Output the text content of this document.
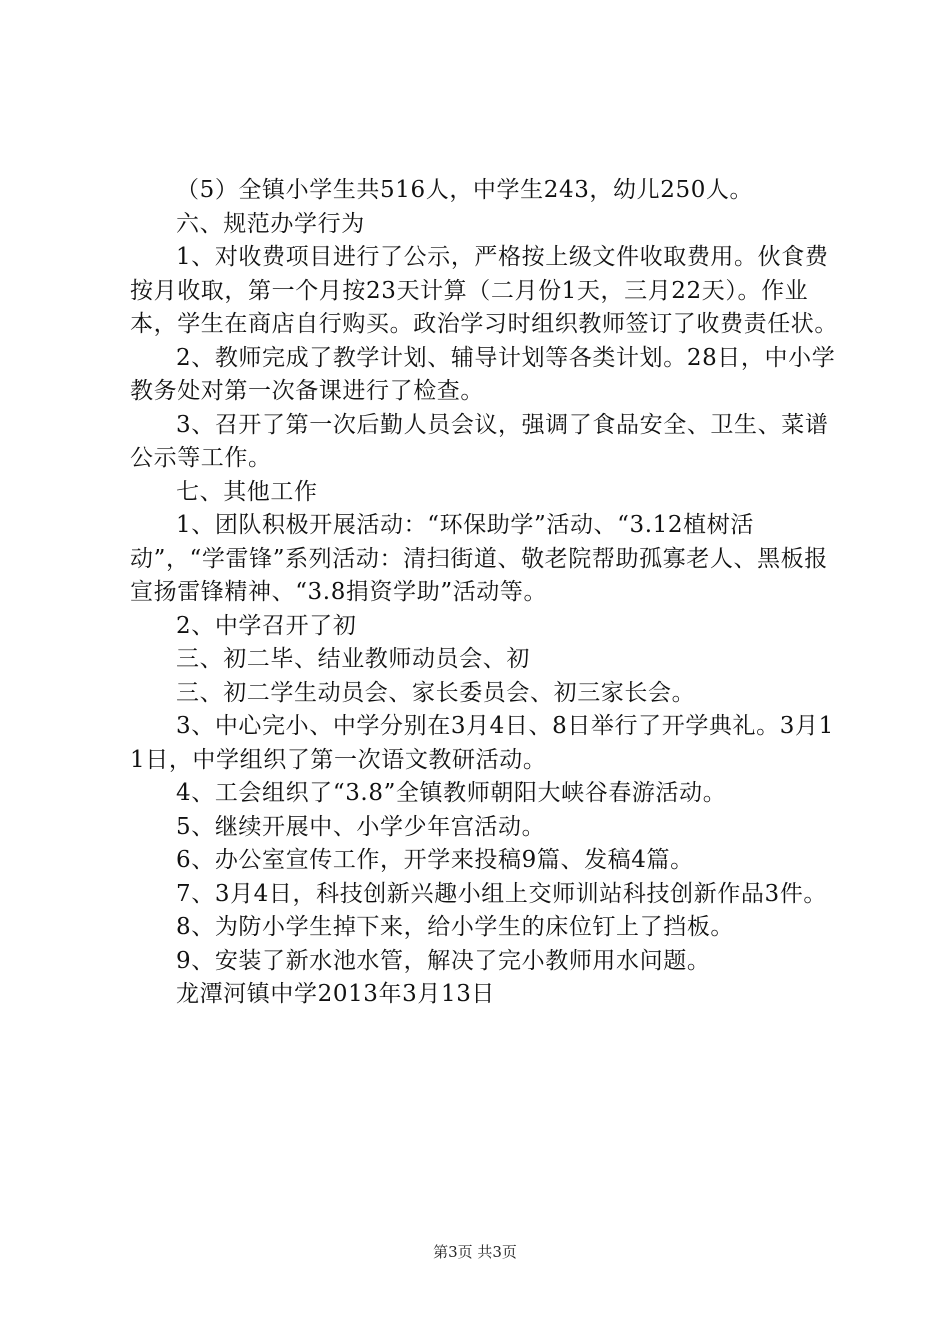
（5）全镇小学生共516人，中学生243，幼儿250人。

六、规范办学行为

1、对收费项目进行了公示，严格按上级文件收取费用。伙食费按月收取，第一个月按23天计算（二月份1天，三月22天）。作业本，学生在商店自行购买。政治学习时组织教师签订了收费责任状。

2、教师完成了教学计划、辅导计划等各类计划。28日，中小学教务处对第一次备课进行了检查。

3、召开了第一次后勤人员会议，强调了食品安全、卫生、菜谱公示等工作。

七、其他工作

1、团队积极开展活动：“环保助学”活动、“3.12植树活动”，“学雷锋”系列活动：清扫街道、敬老院帮助孤寡老人、黑板报宣扬雷锋精神、“3.8捐资学助”活动等。

2、中学召开了初

三、初二毕、结业教师动员会、初

三、初二学生动员会、家长委员会、初三家长会。

3、中心完小、中学分别在3月4日、8日举行了开学典礼。3月11日，中学组织了第一次语文教研活动。

4、工会组织了“3.8”全镇教师朝阳大峡谷春游活动。

5、继续开展中、小学少年宫活动。

6、办公室宣传工作，开学来投稿9篇、发稿4篇。

7、3月4日，科技创新兴趣小组上交师训站科技创新作品3件。

8、为防小学生掉下来，给小学生的床位钉上了挡板。

9、安装了新水池水管，解决了完小教师用水问题。

龙潭河镇中学2013年3月13日

第3页 共3页
